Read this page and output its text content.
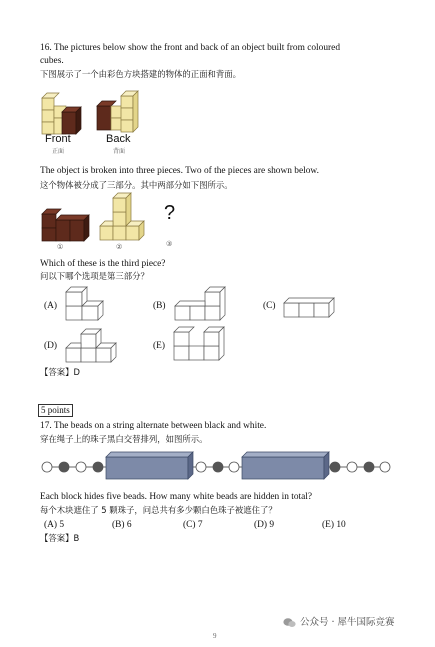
16. The pictures below show the front and back of an object built from coloured
cubes.
下图展示了一个由彩色方块搭建的物体的正面和背面。
Front
正面
Back
背面
The object is broken into three pieces. Two of the pieces are shown below.
这个物体被分成了三部分。其中两部分如下图所示。
①	②
?
③
Which of these is the third piece?
问以下哪个选项是第三部分？
(A)	(B)	(C)
(D)	(E)
【答案】D
5 points
17. The beads on a string alternate between black and white.
穿在绳子上的珠子黑白交替排列，如图所示。
Each block hides five beads. How many white beads are hidden in total?
每个木块遮住了 5 颗珠子，问总共有多少颗白色珠子被遮住了？
(A) 5	(B) 6	(C) 7	(D) 9	(E) 10
【答案】B
9
公众号 · 犀牛国际竞赛
